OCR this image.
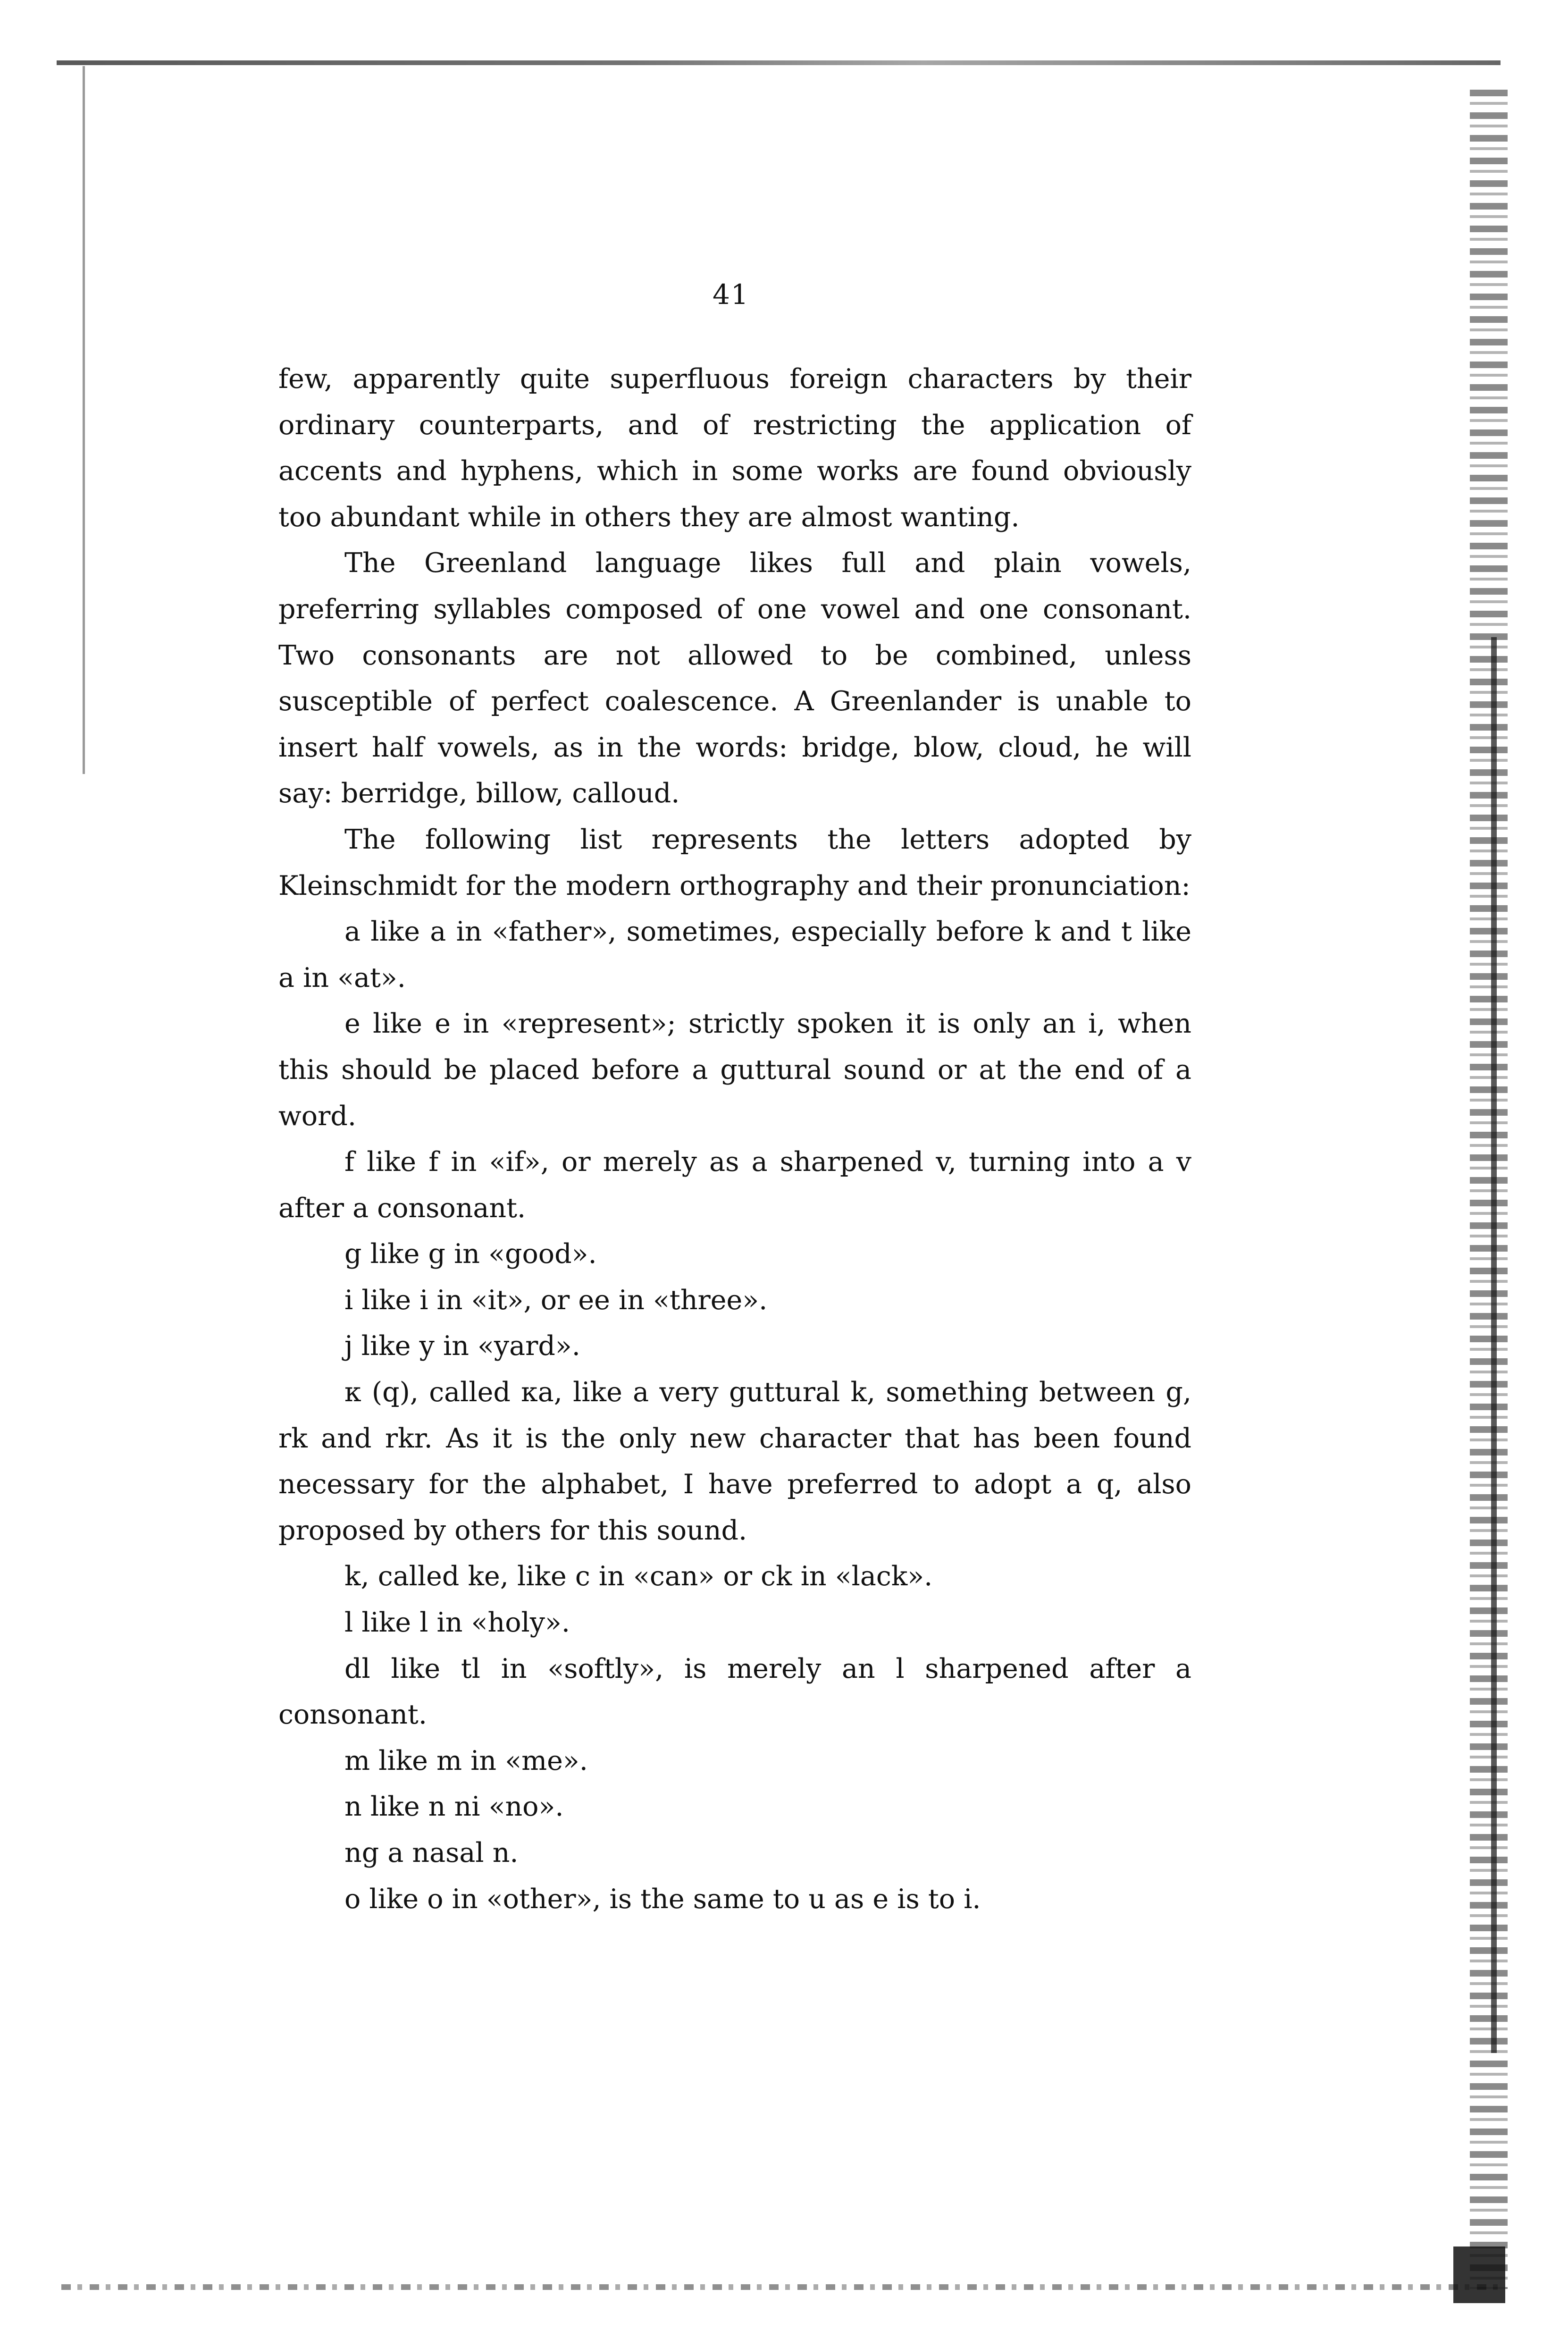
41

few, apparently quite superfluous foreign characters by their ordinary counterparts, and of restricting the application of accents and hyphens, which in some works are found obviously too abundant while in others they are almost wanting.

The Greenland language likes full and plain vowels, preferring syllables composed of one vowel and one consonant. Two consonants are not allowed to be combined, unless susceptible of perfect coalescence. A Greenlander is unable to insert half vowels, as in the words: bridge, blow, cloud, he will say: berridge, billow, calloud.

The following list represents the letters adopted by Kleinschmidt for the modern orthography and their pronunciation:

a like a in «father», sometimes, especially before k and t like a in «at».

e like e in «represent»; strictly spoken it is only an i, when this should be placed before a guttural sound or at the end of a word.

f like f in «if», or merely as a sharpened v, turning into a v after a consonant.

g like g in «good».

i like i in «it», or ee in «three».

j like y in «yard».

κ (q), called κa, like a very guttural k, something between g, rk and rkr. As it is the only new character that has been found necessary for the alphabet, I have preferred to adopt a q, also proposed by others for this sound.

k, called ke, like c in «can» or ck in «lack».

l like l in «holy».

dl like tl in «softly», is merely an l sharpened after a consonant.

m like m in «me».

n like n ni «no».

ng a nasal n.

o like o in «other», is the same to u as e is to i.
